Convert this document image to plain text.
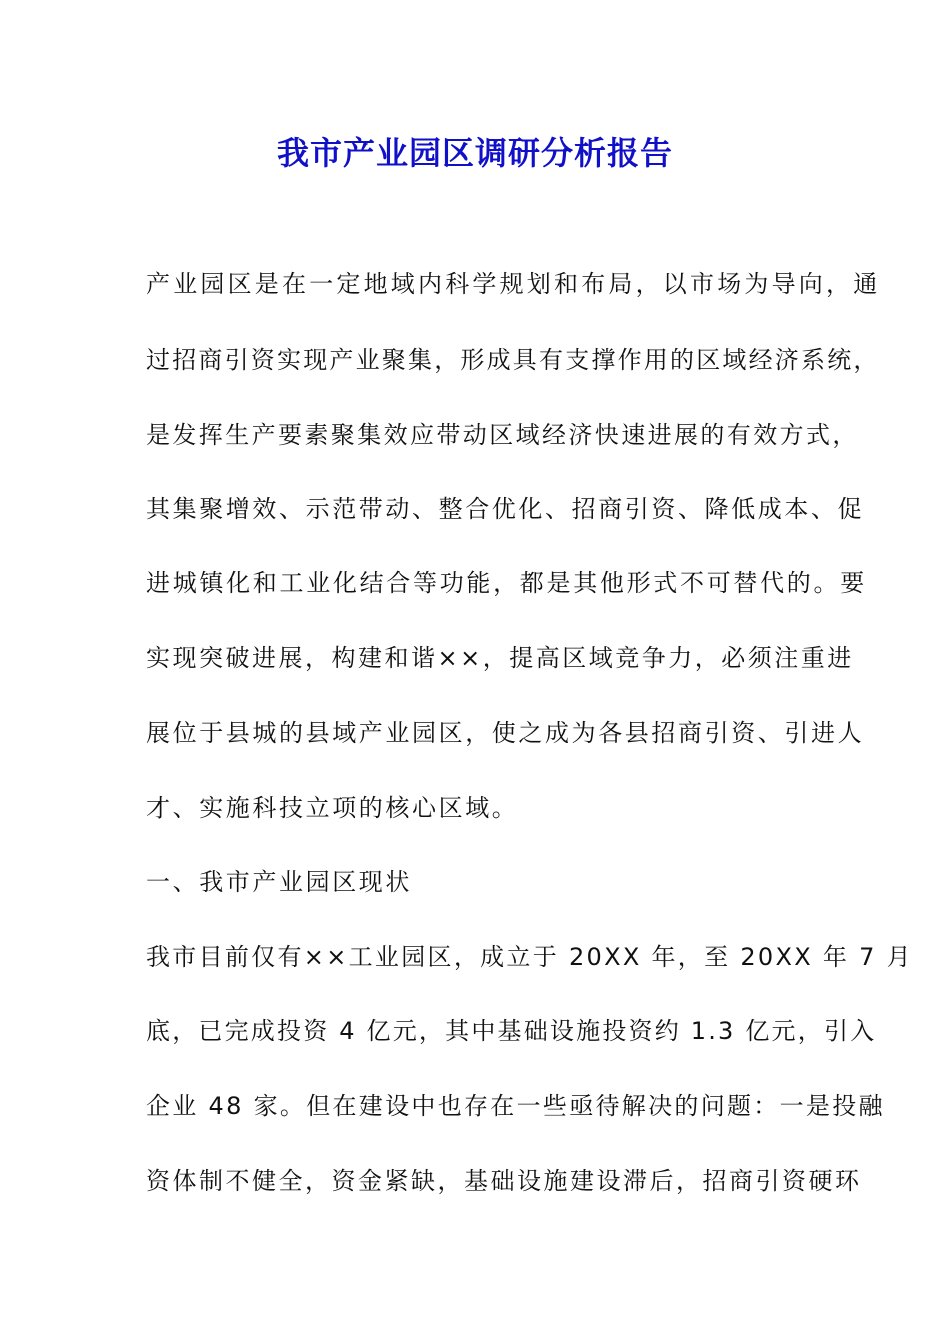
我市产业园区调研分析报告
产业园区是在一定地域内科学规划和布局，以市场为导向，通
过招商引资实现产业聚集，形成具有支撑作用的区域经济系统，
是发挥生产要素聚集效应带动区域经济快速进展的有效方式，
其集聚增效、示范带动、整合优化、招商引资、降低成本、促
进城镇化和工业化结合等功能，都是其他形式不可替代的。要
实现突破进展，构建和谐××，提高区域竞争力，必须注重进
展位于县城的县域产业园区，使之成为各县招商引资、引进人
才、实施科技立项的核心区域。
一、我市产业园区现状
我市目前仅有××工业园区，成立于 20XX 年，至 20XX 年 7 月
底，已完成投资 4 亿元，其中基础设施投资约 1.3 亿元，引入
企业 48 家。但在建设中也存在一些亟待解决的问题：一是投融
资体制不健全，资金紧缺，基础设施建设滞后，招商引资硬环
